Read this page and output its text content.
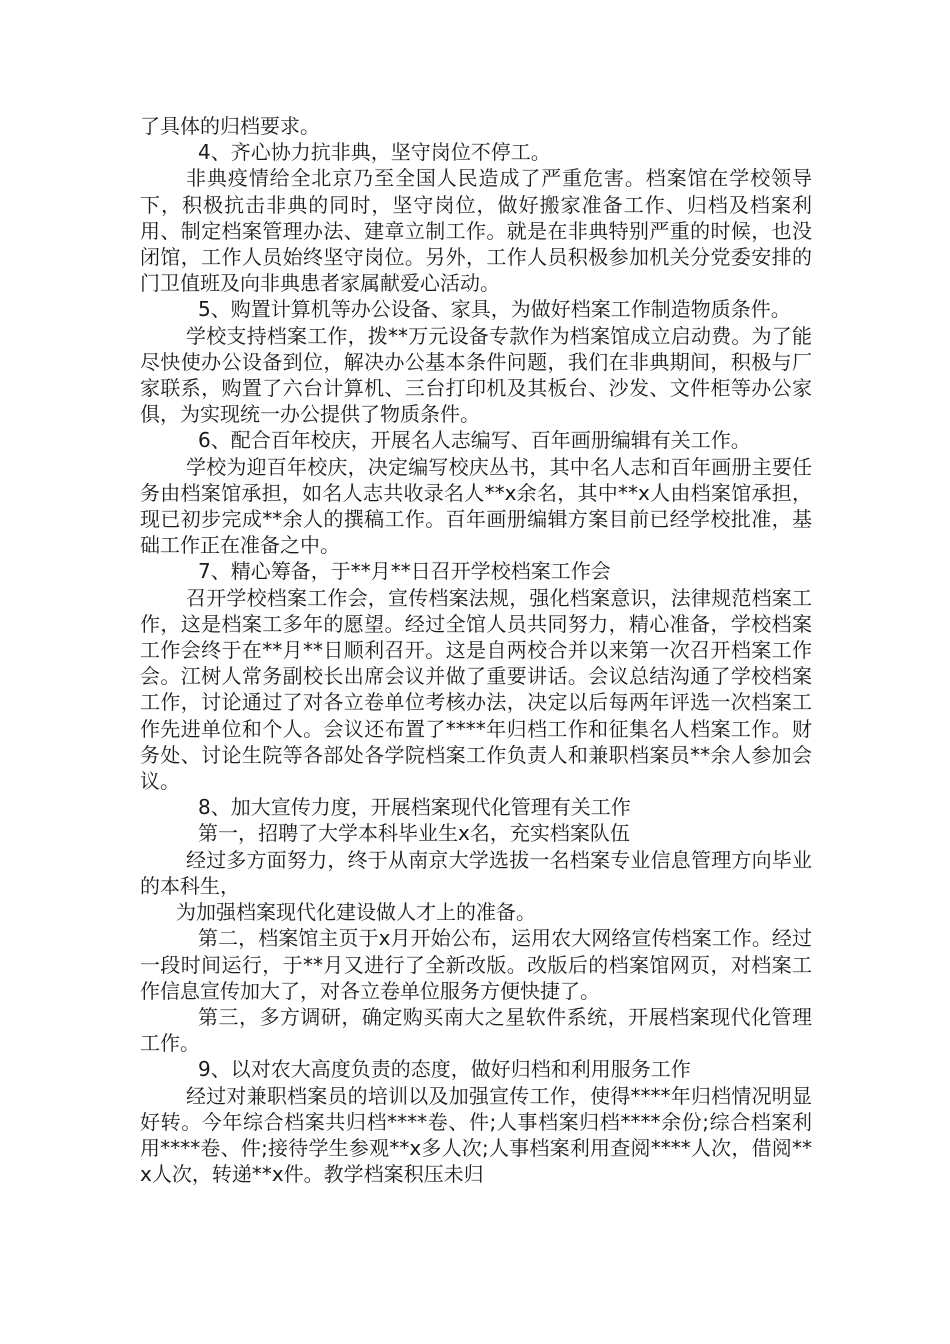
了具体的归档要求。

4、齐心协力抗非典，坚守岗位不停工。

非典疫情给全北京乃至全国人民造成了严重危害。档案馆在学校领导下，积极抗击非典的同时，坚守岗位，做好搬家准备工作、归档及档案利用、制定档案管理办法、建章立制工作。就是在非典特别严重的时候，也没闭馆，工作人员始终坚守岗位。另外，工作人员积极参加机关分党委安排的门卫值班及向非典患者家属献爱心活动。

5、购置计算机等办公设备、家具，为做好档案工作制造物质条件。

学校支持档案工作，拨**万元设备专款作为档案馆成立启动费。为了能尽快使办公设备到位，解决办公基本条件问题，我们在非典期间，积极与厂家联系，购置了六台计算机、三台打印机及其板台、沙发、文件柜等办公家俱，为实现统一办公提供了物质条件。

6、配合百年校庆，开展名人志编写、百年画册编辑有关工作。

学校为迎百年校庆，决定编写校庆丛书，其中名人志和百年画册主要任务由档案馆承担，如名人志共收录名人**x余名，其中**x人由档案馆承担，现已初步完成**余人的撰稿工作。百年画册编辑方案目前已经学校批准，基础工作正在准备之中。

7、精心筹备，于**月**日召开学校档案工作会

召开学校档案工作会，宣传档案法规，强化档案意识，法律规范档案工作，这是档案工多年的愿望。经过全馆人员共同努力，精心准备，学校档案工作会终于在**月**日顺利召开。这是自两校合并以来第一次召开档案工作会。江树人常务副校长出席会议并做了重要讲话。会议总结沟通了学校档案工作，讨论通过了对各立卷单位考核办法，决定以后每两年评选一次档案工作先进单位和个人。会议还布置了****年归档工作和征集名人档案工作。财务处、讨论生院等各部处各学院档案工作负责人和兼职档案员**余人参加会议。

8、加大宣传力度，开展档案现代化管理有关工作

第一，招聘了大学本科毕业生x名，充实档案队伍

经过多方面努力，终于从南京大学选拔一名档案专业信息管理方向毕业的本科生，

为加强档案现代化建设做人才上的准备。

第二，档案馆主页于x月开始公布，运用农大网络宣传档案工作。经过一段时间运行，于**月又进行了全新改版。改版后的档案馆网页，对档案工作信息宣传加大了，对各立卷单位服务方便快捷了。

第三，多方调研，确定购买南大之星软件系统，开展档案现代化管理工作。

9、以对农大高度负责的态度，做好归档和利用服务工作

经过对兼职档案员的培训以及加强宣传工作，使得****年归档情况明显好转。今年综合档案共归档****卷、件;人事档案归档****余份;综合档案利用****卷、件;接待学生参观**x多人次;人事档案利用查阅****人次，借阅**x人次，转递**x件。教学档案积压未归
